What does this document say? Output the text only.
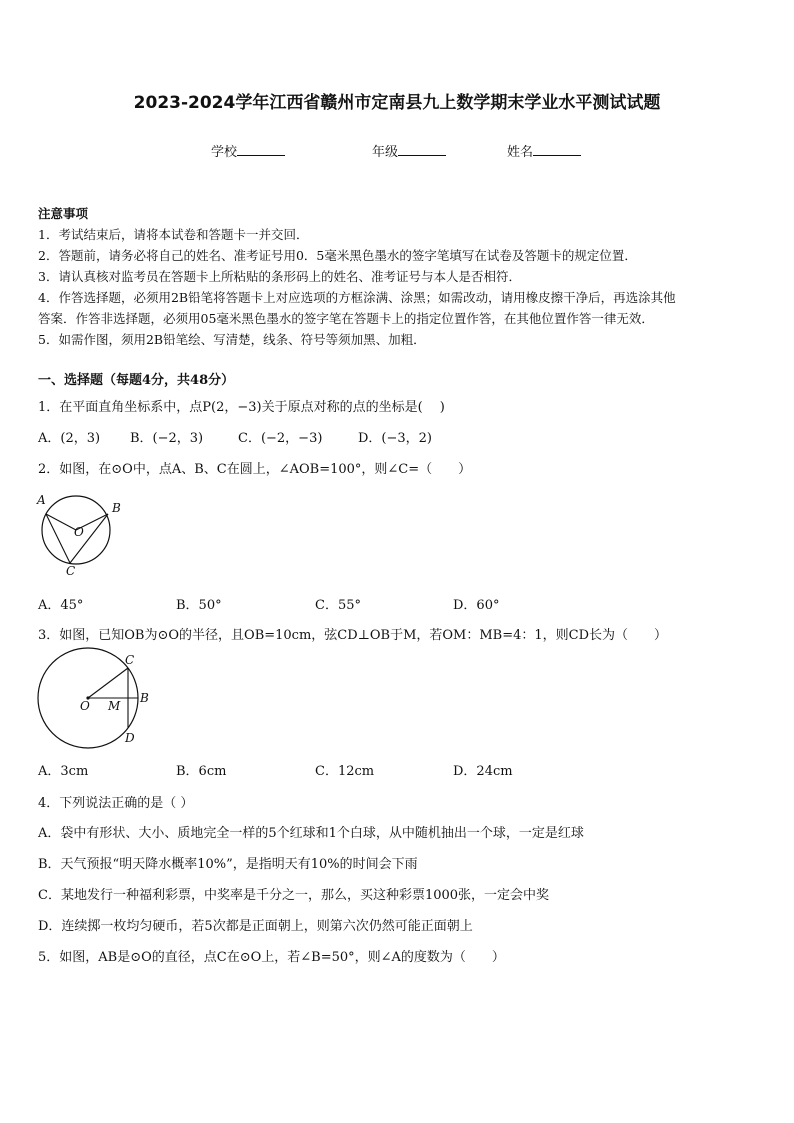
2023-2024学年江西省赣州市定南县九上数学期末学业水平测试试题
学校	年级	姓名
注意事项
1．考试结束后，请将本试卷和答题卡一并交回．
2．答题前，请务必将自己的姓名、准考证号用0．5毫米黑色墨水的签字笔填写在试卷及答题卡的规定位置．
3．请认真核对监考员在答题卡上所粘贴的条形码上的姓名、准考证号与本人是否相符．
4．作答选择题，必须用2B铅笔将答题卡上对应选项的方框涂满、涂黑；如需改动，请用橡皮擦干净后，再选涂其他
答案．作答非选择题，必须用05毫米黑色墨水的签字笔在答题卡上的指定位置作答，在其他位置作答一律无效．
5．如需作图，须用2B铅笔绘、写清楚，线条、符号等须加黑、加粗．
一、选择题（每题4分，共48分）
1．在平面直角坐标系中，点P(2，−3)关于原点对称的点的坐标是(　 )
A．(2，3) B．(−2，3)	C．(−2，−3)	D．(−3，2)
2．如图，在⊙O中，点A、B、C在圆上，∠AOB=100°，则∠C=（　　）
A
B
O
C
A．45°	B．50°	C．55°	D．60°
3．如图，已知OB为⊙O的半径，且OB=10cm，弦CD⊥OB于M，若OM：MB=4：1，则CD长为（　　）
C
O M
B
D
A．3cm	B．6cm	C．12cm	D．24cm
4．下列说法正确的是（ ）
A．袋中有形状、大小、质地完全一样的5个红球和1个白球，从中随机抽出一个球，一定是红球
B．天气预报“明天降水概率10%”，是指明天有10%的时间会下雨
C．某地发行一种福利彩票，中奖率是千分之一，那么，买这种彩票1000张，一定会中奖
D．连续掷一枚均匀硬币，若5次都是正面朝上，则第六次仍然可能正面朝上
5．如图，AB是⊙O的直径，点C在⊙O上，若∠B=50°，则∠A的度数为（　　）
